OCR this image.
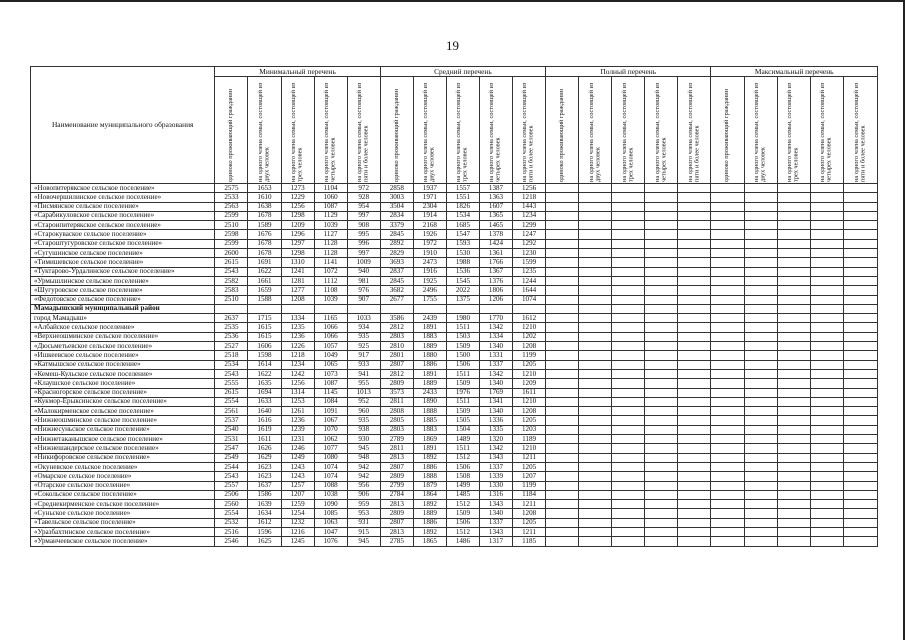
19
Наименование муниципального образования	Минимальный перечень					Средний перечень					Полный перечень					Максимальный перечень				

	одиноко проживающий гражданин	на одного члена семьи, состоящей из двух человек	на одного члена семьи, состоящей из трех человек	на одного члена семьи, состоящей из четырех человек	на одного члена семьи, состоящей из пяти и более человек	одиноко проживающий гражданин	на одного члена семьи, состоящей из двух человек	на одного члена семьи, состоящей из трех человек	на одного члена семьи, состоящей из четырех человек	на одного члена семьи, состоящей из пяти и более человек	одиноко проживающий гражданин	на одного члена семьи, состоящей из двух человек	на одного члена семьи, состоящей из трех человек	на одного члена семьи, состоящей из четырех человек	на одного члена семьи, состоящей из пяти и более человек	одиноко проживающий гражданин	на одного члена семьи, состоящей из двух человек	на одного члена семьи, состоящей из трех человек	на одного члена семьи, состоящей из четырех человек	на одного члена семьи, состоящей из пяти и более человек

«Новопитерякское сельское поселение»	2575	1653	1273	1104	972	2858	1937	1557	1387	1256										
«Новочершилинское сельское поселение»	2533	1610	1229	1060	928	3003	1971	1551	1363	1218										
«Писмянское сельское поселение»	2563	1638	1256	1087	954	3504	2304	1826	1607	1443										
«Сарабикуловское сельское поселение»	2599	1678	1298	1129	997	2834	1914	1534	1365	1234										
«Староипитерякское сельское поселение»	2510	1589	1209	1039	908	3379	2168	1685	1465	1299										
«Старокуваское сельское поселение»	2598	1676	1296	1127	995	2845	1926	1547	1378	1247										
«Староштугуровское сельское поселение»	2599	1678	1297	1128	996	2892	1972	1593	1424	1292										
«Сугушинское сельское поселение»	2600	1678	1298	1128	997	2829	1910	1530	1361	1230										
«Тимишевское сельское поселение»	2615	1691	1310	1141	1009	3693	2473	1988	1766	1599										
«Туктарово-Урдалинское сельское поселение»	2543	1622	1241	1072	940	2837	1916	1536	1367	1235										
«Урмышлинское сельское поселение»	2582	1661	1281	1112	981	2845	1925	1545	1376	1244										
«Шугуровское сельское поселение»	2583	1659	1277	1108	976	3682	2496	2022	1806	1644										
«Федотовское сельское поселение»	2510	1588	1208	1039	907	2677	1755	1375	1206	1074										
Мамадышский муниципальный район																				
город Мамадыш»	2637	1715	1334	1165	1033	3586	2439	1980	1770	1612										
«Албайское сельское поселение»	2535	1615	1235	1066	934	2812	1891	1511	1342	1210										
«Верхнеошминское сельское поселение»	2536	1615	1236	1066	935	2803	1883	1503	1334	1202										
«Дюсьметьевское сельское поселение»	2527	1606	1226	1057	925	2810	1889	1509	1340	1208										
«Ишкеевское сельское поселение»	2518	1598	1218	1049	917	2801	1880	1500	1331	1199										
«Катмышское сельское поселение»	2534	1614	1234	1065	933	2807	1886	1506	1337	1205										
«Кемеш-Кульское сельское поселение»	2543	1622	1242	1073	941	2812	1891	1511	1342	1210										
«Клаушское сельское поселение»	2555	1635	1256	1087	955	2809	1889	1509	1340	1209										
«Красногорское сельское поселение»	2615	1694	1314	1145	1013	3573	2433	1976	1769	1611										
«Кукмор-Ерыксинское сельское поселение»	2554	1633	1253	1084	952	2811	1890	1511	1341	1210										
«Малокирменское сельское поселение»	2561	1640	1261	1091	960	2808	1888	1509	1340	1208										
«Нижнеошминское сельское поселение»	2537	1616	1236	1067	935	2805	1885	1505	1336	1205										
«Нижнесуньское сельское поселение»	2540	1619	1239	1070	938	2803	1883	1504	1335	1203										
«Нижнетаканышское сельское поселение»	2531	1611	1231	1062	930	2789	1869	1489	1320	1189										
«Нижнешандерское сельское поселение»	2547	1626	1246	1077	945	2811	1891	1511	1342	1210										
«Никифоровское сельское поселение»	2549	1629	1249	1080	948	2813	1892	1512	1343	1211										
«Окуневское сельское поселение»	2544	1623	1243	1074	942	2807	1886	1506	1337	1205										
«Омарское сельское поселение»	2543	1623	1243	1074	942	2809	1888	1508	1339	1207										
«Отарское сельское поселение»	2557	1637	1257	1088	956	2799	1879	1499	1330	1199										
«Сокольское сельское поселение»	2506	1586	1207	1038	906	2784	1864	1485	1316	1184										
«Среднекирменское сельское поселение»	2560	1639	1259	1090	959	2813	1892	1512	1343	1211										
«Суньское сельское поселение»	2554	1634	1254	1085	953	2809	1889	1509	1340	1208										
«Тавельское сельское поселение»	2532	1612	1232	1063	931	2807	1886	1506	1337	1205										
«Уразбахтинское сельское поселение»	2516	1596	1216	1047	915	2813	1892	1512	1343	1211										
«Урманчеевское сельское поселение»	2546	1625	1245	1076	945	2785	1865	1486	1317	1185										
